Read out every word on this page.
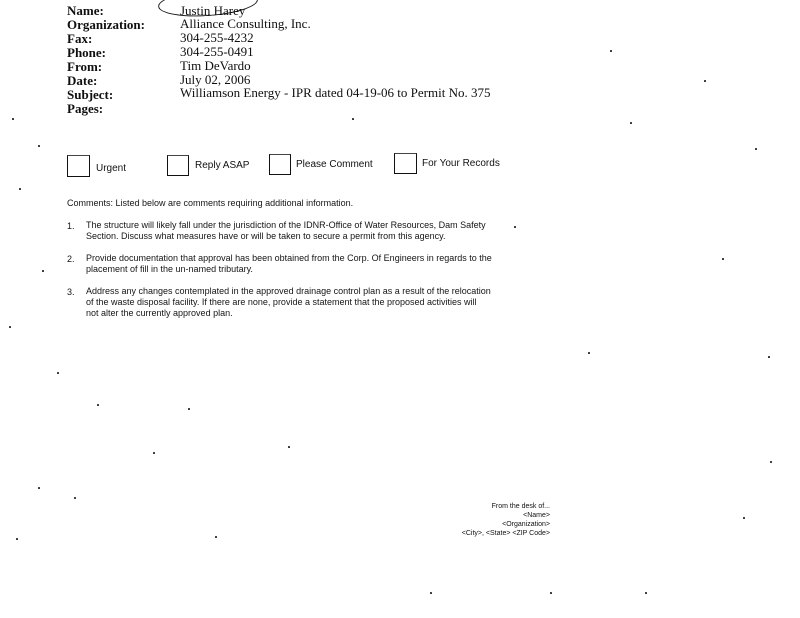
Name:	Justin Harey
Organization:	Alliance Consulting, Inc.
Fax:	304-255-4232
Phone:	304-255-0491
From:	Tim DeVardo
Date:	July 02, 2006
Subject:	Williamson Energy - IPR dated 04-19-06 to Permit No. 375
Pages:
Urgent	Reply ASAP	Please Comment	For Your Records
Comments: Listed below are comments requiring additional information.
1. The structure will likely fall under the jurisdiction of the IDNR-Office of Water Resources, Dam Safety
Section. Discuss what measures have or will be taken to secure a permit from this agency.
2. Provide documentation that approval has been obtained from the Corp. Of Engineers in regards to the
placement of fill in the un-named tributary.
3. Address any changes contemplated in the approved drainage control plan as a result of the relocation
of the waste disposal facility. If there are none, provide a statement that the proposed activities will
not alter the currently approved plan.
From the desk of...
<Name>
<Organization>
<City>, <State> <ZIP Code>
